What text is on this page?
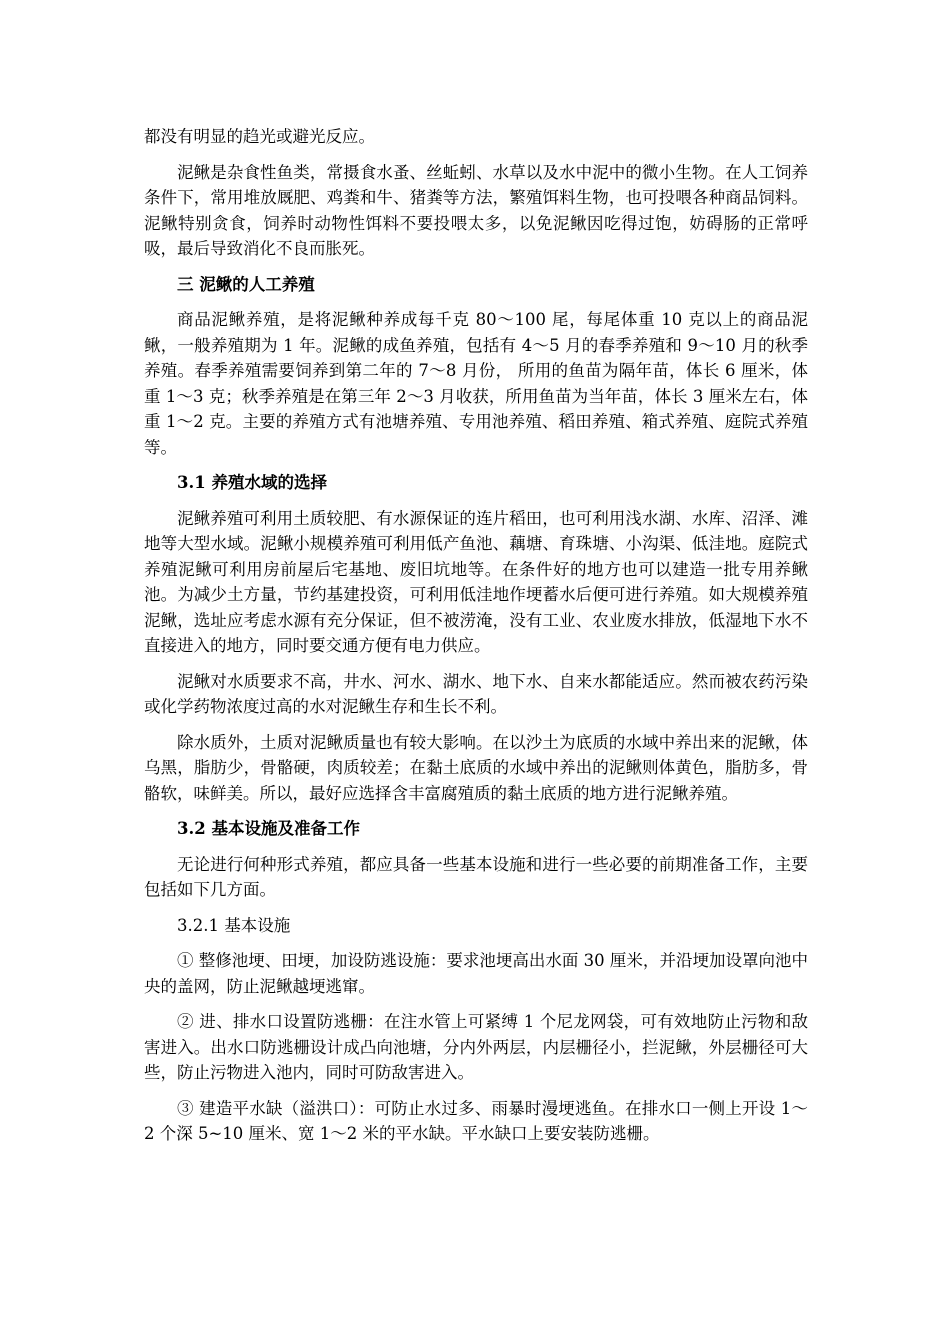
都没有明显的趋光或避光反应。

泥鳅是杂食性鱼类，常摄食水蚤、丝蚯蚓、水草以及水中泥中的微小生物。在人工饲养条件下，常用堆放厩肥、鸡粪和牛、猪粪等方法，繁殖饵料生物，也可投喂各种商品饲料。泥鳅特别贪食，饲养时动物性饵料不要投喂太多，以免泥鳅因吃得过饱，妨碍肠的正常呼吸，最后导致消化不良而胀死。

三 泥鳅的人工养殖

商品泥鳅养殖，是将泥鳅种养成每千克 80～100 尾，每尾体重 10 克以上的商品泥鳅，一般养殖期为 1 年。泥鳅的成鱼养殖，包括有 4～5 月的春季养殖和 9～10 月的秋季养殖。春季养殖需要饲养到第二年的 7～8 月份， 所用的鱼苗为隔年苗，体长 6 厘米，体重 1～3 克；秋季养殖是在第三年 2～3 月收获，所用鱼苗为当年苗，体长 3 厘米左右，体重 1～2 克。主要的养殖方式有池塘养殖、专用池养殖、稻田养殖、箱式养殖、庭院式养殖等。

3.1 养殖水域的选择

泥鳅养殖可利用土质较肥、有水源保证的连片稻田，也可利用浅水湖、水库、沼泽、滩地等大型水域。泥鳅小规模养殖可利用低产鱼池、藕塘、育珠塘、小沟渠、低洼地。庭院式养殖泥鳅可利用房前屋后宅基地、废旧坑地等。在条件好的地方也可以建造一批专用养鳅池。为减少土方量，节约基建投资，可利用低洼地作埂蓄水后便可进行养殖。如大规模养殖泥鳅，选址应考虑水源有充分保证，但不被涝淹，没有工业、农业废水排放，低湿地下水不直接进入的地方，同时要交通方便有电力供应。

泥鳅对水质要求不高，井水、河水、湖水、地下水、自来水都能适应。然而被农药污染或化学药物浓度过高的水对泥鳅生存和生长不利。

除水质外，土质对泥鳅质量也有较大影响。在以沙土为底质的水域中养出来的泥鳅，体乌黑，脂肪少，骨骼硬，肉质较差；在黏土底质的水域中养出的泥鳅则体黄色，脂肪多，骨骼软，味鲜美。所以，最好应选择含丰富腐殖质的黏土底质的地方进行泥鳅养殖。

3.2 基本设施及准备工作

无论进行何种形式养殖，都应具备一些基本设施和进行一些必要的前期准备工作，主要包括如下几方面。

3.2.1 基本设施

① 整修池埂、田埂，加设防逃设施：要求池埂高出水面 30 厘米，并沿埂加设罩向池中央的盖网，防止泥鳅越埂逃窜。

② 进、排水口设置防逃栅：在注水管上可紧缚 1 个尼龙网袋，可有效地防止污物和敌害进入。出水口防逃栅设计成凸向池塘，分内外两层，内层栅径小，拦泥鳅，外层栅径可大些，防止污物进入池内，同时可防敌害进入。

③ 建造平水缺（溢洪口）：可防止水过多、雨暴时漫埂逃鱼。在排水口一侧上开设 1～2 个深 5~10 厘米、宽 1～2 米的平水缺。平水缺口上要安装防逃栅。
